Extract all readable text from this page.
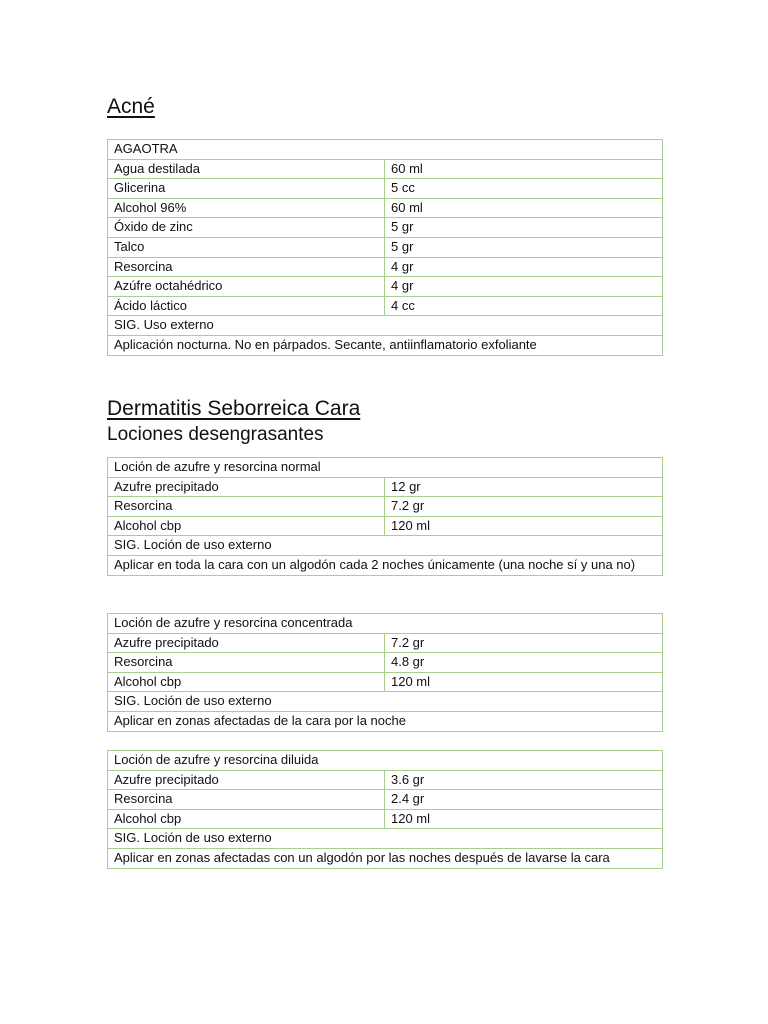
Acné
AGAOTRA	
Agua destilada	60 ml
Glicerina	5 cc
Alcohol 96%	60 ml
Óxido de zinc	5 gr
Talco	5 gr
Resorcina	4 gr
Azúfre octahédrico	4 gr
Ácido láctico	4 cc
SIG. Uso externo	
Aplicación nocturna. No en párpados. Secante, antiinflamatorio exfoliante	
Dermatitis Seborreica Cara
Lociones desengrasantes
Loción de azufre y resorcina normal	
Azufre precipitado	12 gr
Resorcina	7.2 gr
Alcohol cbp	120 ml
SIG. Loción de uso externo	
Aplicar en toda la cara con un algodón cada 2 noches únicamente (una noche sí y una no)	
Loción de azufre y resorcina concentrada	
Azufre precipitado	7.2 gr
Resorcina	4.8 gr
Alcohol cbp	120 ml
SIG. Loción de uso externo	
Aplicar en zonas afectadas de la cara por la noche	
Loción de azufre y resorcina diluida	
Azufre precipitado	3.6 gr
Resorcina	2.4 gr
Alcohol cbp	120 ml
SIG. Loción de uso externo	
Aplicar en zonas afectadas con un algodón por las noches después de lavarse la cara	
